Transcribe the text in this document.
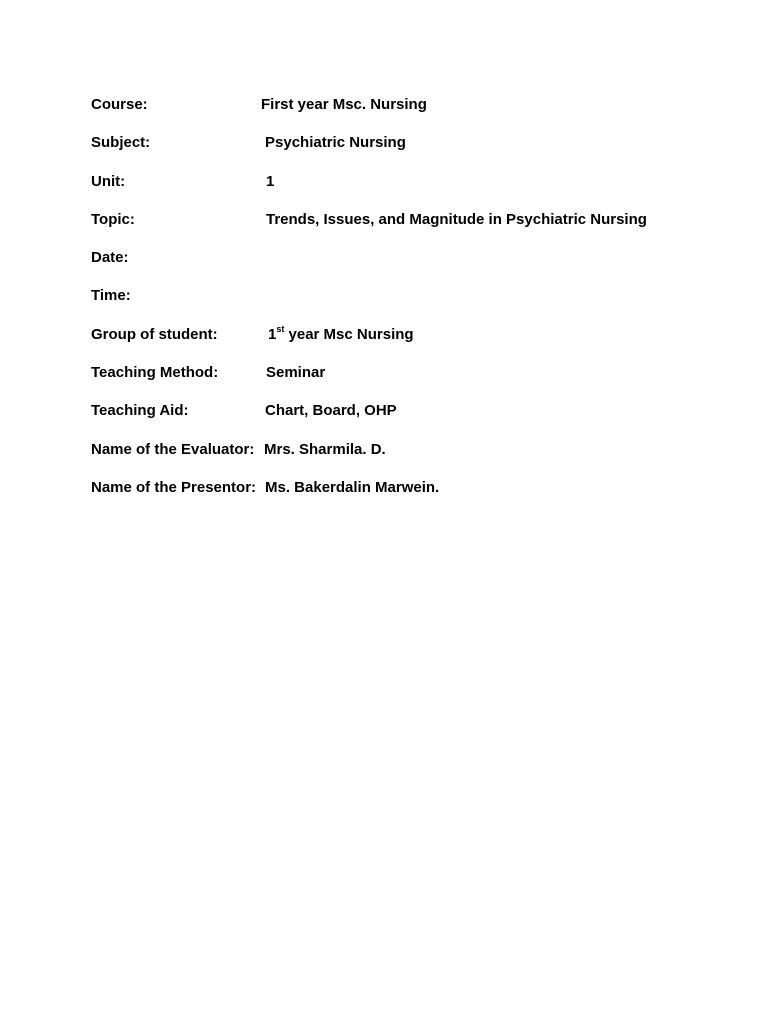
Course:	First year Msc. Nursing
Subject:	Psychiatric Nursing
Unit:	1
Topic:	Trends, Issues, and Magnitude in Psychiatric Nursing
Date:
Time:
Group of student:	1st year Msc Nursing
Teaching Method:	Seminar
Teaching Aid:	Chart, Board, OHP
Name of the Evaluator: Mrs. Sharmila. D.
Name of the Presentor: Ms. Bakerdalin Marwein.
